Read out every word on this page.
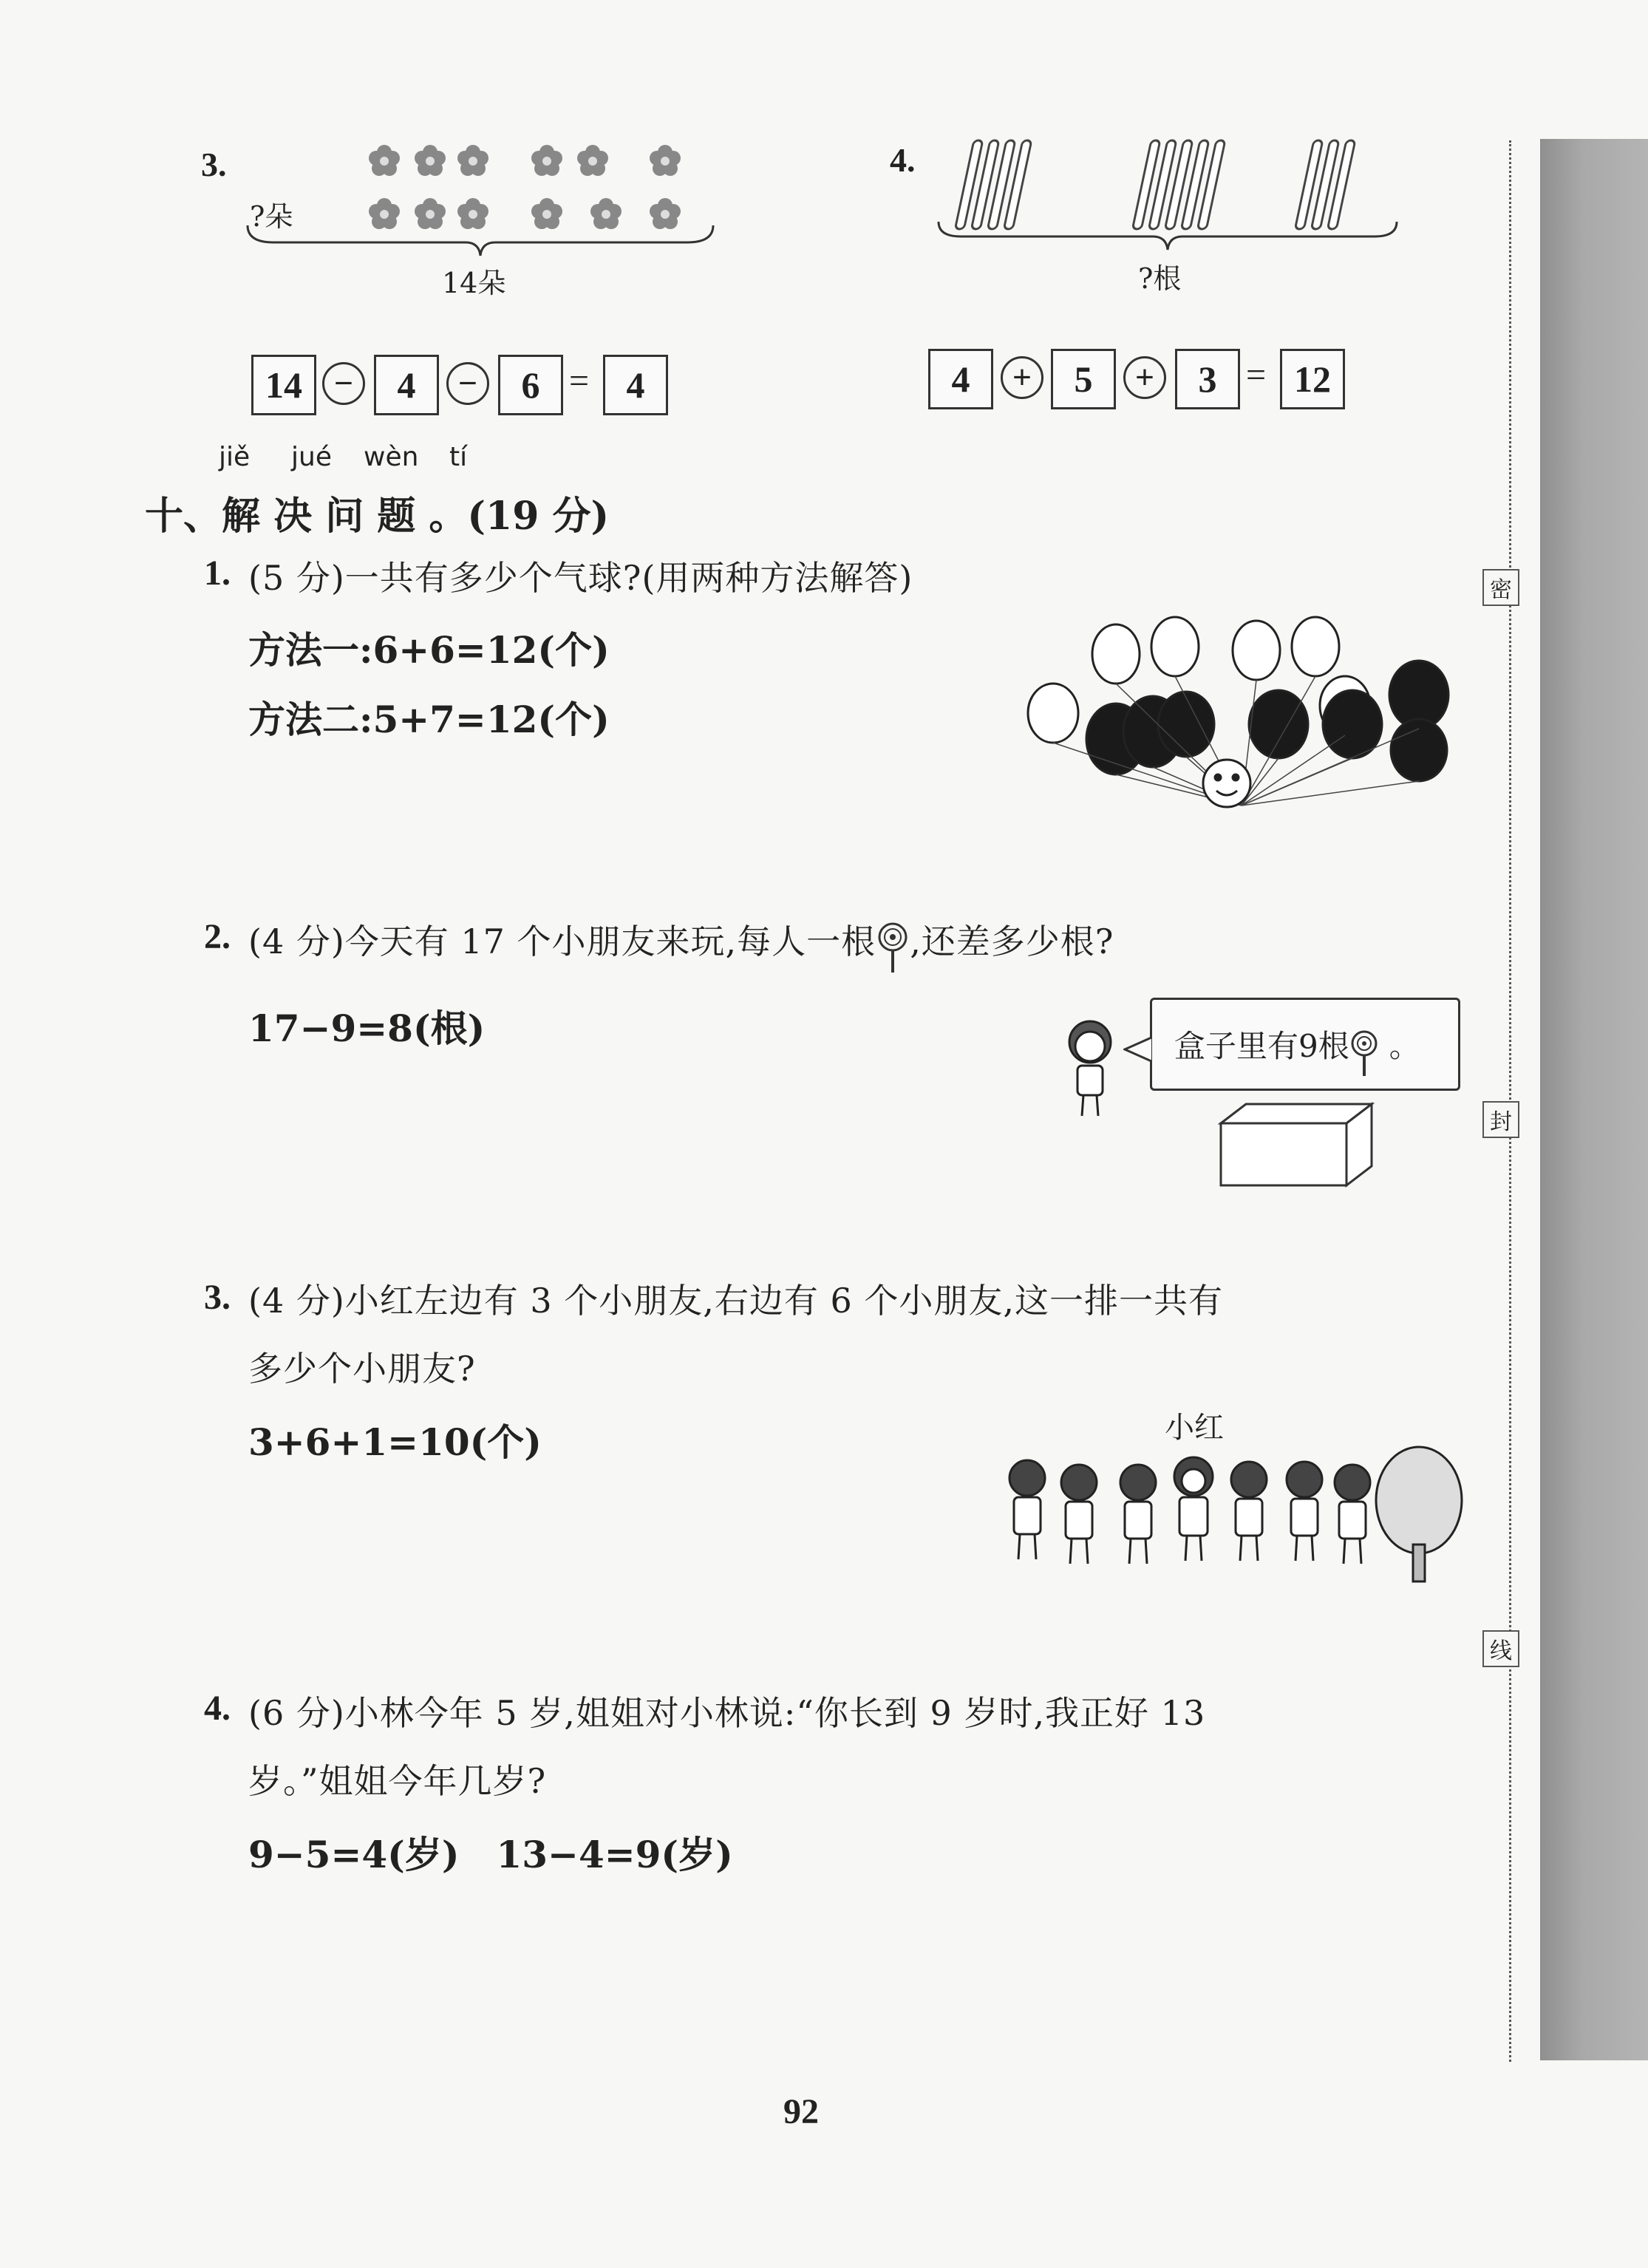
3.
?朵
14朵
14 −	4	−	6 =	4
4.
?根
4	+	5	+	3 = 12
jiě jué wèn tí
十、解 决 问 题 。(19 分)
1. (5 分)一共有多少个气球?(用两种方法解答)
方法一:6+6=12(个)
方法二:5+7=12(个)
2. (4 分)今天有 17 个小朋友来玩,每人一根 ,还差多少根?
17−9=8(根)	盒子里有9根 。
3. (4 分)小红左边有 3 个小朋友,右边有 6 个小朋友,这一排一共有
多少个小朋友?
3+6+1=10(个)	小红
4. (6 分)小林今年 5 岁,姐姐对小林说:“你长到 9 岁时,我正好 13
岁。”姐姐今年几岁?
9−5=4(岁)　13−4=9(岁)
密
封
线
92
